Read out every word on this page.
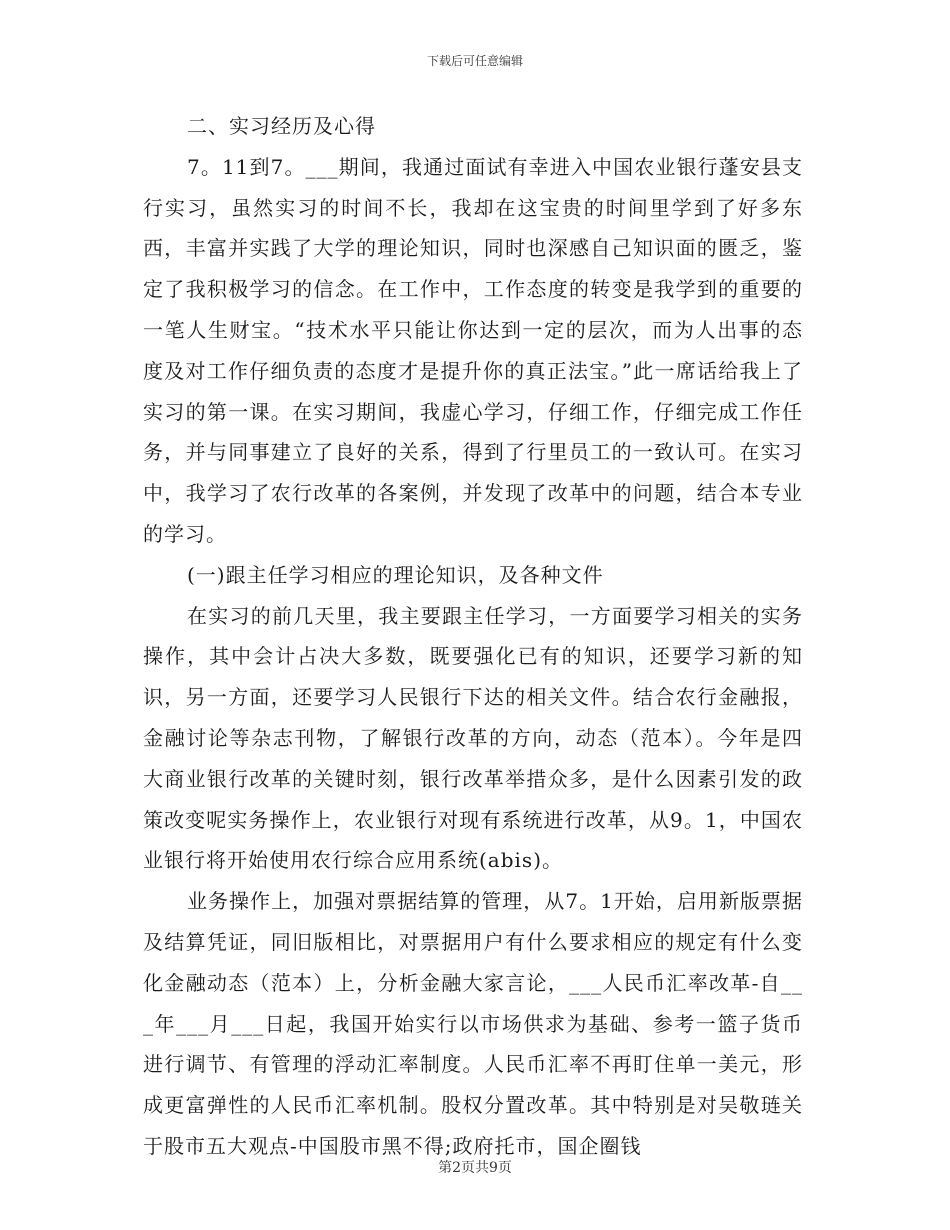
下载后可任意编辑

二、实习经历及心得

7。11到7。___期间，我通过面试有幸进入中国农业银行蓬安县支行实习，虽然实习的时间不长，我却在这宝贵的时间里学到了好多东西，丰富并实践了大学的理论知识，同时也深感自己知识面的匮乏，鉴定了我积极学习的信念。在工作中，工作态度的转变是我学到的重要的一笔人生财宝。“技术水平只能让你达到一定的层次，而为人出事的态度及对工作仔细负责的态度才是提升你的真正法宝。”此一席话给我上了实习的第一课。在实习期间，我虚心学习，仔细工作，仔细完成工作任务，并与同事建立了良好的关系，得到了行里员工的一致认可。在实习中，我学习了农行改革的各案例，并发现了改革中的问题，结合本专业的学习。

(一)跟主任学习相应的理论知识，及各种文件

在实习的前几天里，我主要跟主任学习，一方面要学习相关的实务操作，其中会计占决大多数，既要强化已有的知识，还要学习新的知识，另一方面，还要学习人民银行下达的相关文件。结合农行金融报，金融讨论等杂志刊物，了解银行改革的方向，动态（范本）。今年是四大商业银行改革的关键时刻，银行改革举措众多，是什么因素引发的政策改变呢实务操作上，农业银行对现有系统进行改革，从9。1，中国农业银行将开始使用农行综合应用系统(abis)。

业务操作上，加强对票据结算的管理，从7。1开始，启用新版票据及结算凭证，同旧版相比，对票据用户有什么要求相应的规定有什么变化金融动态（范本）上，分析金融大家言论，___人民币汇率改革-自___年___月___日起，我国开始实行以市场供求为基础、参考一篮子货币进行调节、有管理的浮动汇率制度。人民币汇率不再盯住单一美元，形成更富弹性的人民币汇率机制。股权分置改革。其中特别是对吴敬琏关于股市五大观点-中国股市黑不得;政府托市，国企圈钱

第2页共9页
